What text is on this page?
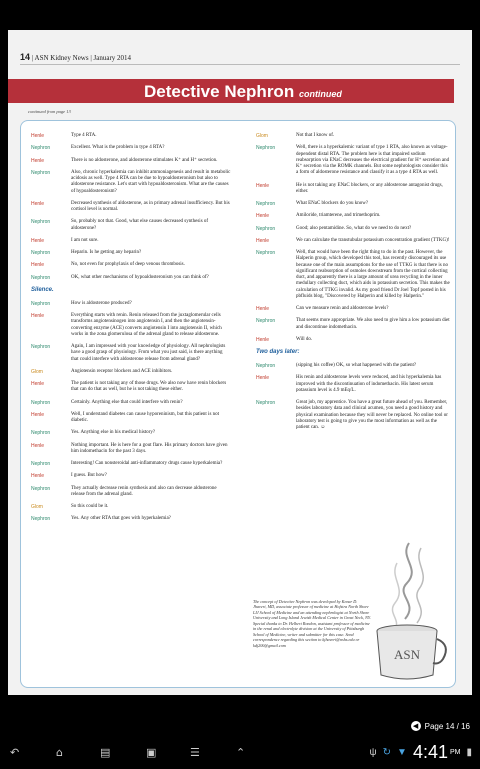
14 | ASN Kidney News | January 2014
Detective Nephron continued
continued from page 13
Henle	Type 4 RTA.
Nephron	Excellent. What is the problem in type 4 RTA?
Henle	There is no aldosterone, and aldosterone stimulates K⁺ and H⁺ secretion.
Nephron	Also, chronic hyperkalemia can inhibit ammoniagenesis and result in metabolic acidosis as well. Type 4 RTA can be due to hypoaldosteronism but also to aldosterone resistance. Let's start with hypoaldosteronism. What are the causes of hypoaldosteronism?
Henle	Decreased synthesis of aldosterone, as in primary adrenal insufficiency. But his cortisol level is normal.
Nephron	So, probably not that. Good, what else causes decreased synthesis of aldosterone?
Henle	I am not sure.
Nephron	Heparin. Is he getting any heparin?
Henle	No, not even for prophylaxis of deep venous thrombosis.
Nephron	OK, what other mechanisms of hypoaldosteronism you can think of?
Silence.
Nephron	How is aldosterone produced?
Henle	Everything starts with renin. Renin released from the juxtaglomerular cells transforms angiotensinogen into angiotensin I, and then the angiotensin-converting enzyme (ACE) converts angiotensin I into angiotensin II, which works in the zona glomerulosa of the adrenal gland to release aldosterone.
Nephron	Again, I am impressed with your knowledge of physiology. All nephrologists have a good grasp of physiology. From what you just said, is there anything that could interfere with aldosterone release from adrenal gland?
Glom	Angiotensin receptor blockers and ACE inhibitors.
Henle	The patient is not taking any of those drugs. We also now have renin blockers that can do that as well, but he is not taking these either.
Nephron	Certainly. Anything else that could interfere with renin?
Henle	Well, I understand diabetes can cause hyporeninism, but this patient is not diabetic.
Nephron	Yes. Anything else in his medical history?
Henle	Nothing important. He is here for a gout flare. His primary doctors have given him indomethacin for the past 3 days.
Nephron	Interesting! Can nonsteroidal anti-inflammatory drugs cause hyperkalemia?
Henle	I guess. But how?
Nephron	They actually decrease renin synthesis and also can decrease aldosterone release from the adrenal gland.
Glom	So this could be it.
Nephron	Yes. Any other RTA that goes with hyperkalemia?
Glom	Not that I know of.
Nephron	Well, there is a hyperkalemic variant of type 1 RTA, also known as voltage-dependent distal RTA. The problem here is that impaired sodium reabsorption via ENaC decreases the electrical gradient for H⁺ secretion and K⁺ secretion via the ROMK channels. But some nephrologists consider this a form of aldosterone resistance and classify it as a type 4 RTA as well.
Henle	He is not taking any ENaC blockers, or any aldosterone antagonist drugs, either.
Nephron	What ENaC blockers do you know?
Henle	Amiloride, triamterene, and trimethoprim.
Nephron	Good; also pentamidine. So, what do we need to do next?
Henle	We can calculate the transtubular potassium concentration gradient (TTKG)!
Nephron	Well, that would have been the right thing to do in the past. However, the Halperin group, which developed this tool, has recently discouraged its use because one of the main assumptions for the use of TTKG is that there is no significant reabsorption of osmoles downstream from the cortical collecting duct, and apparently there is a large amount of urea recycling in the inner medullary collecting duct, which aids in potassium secretion. This makes the calculation of TTKG invalid. As my good friend Dr Joel Topf posted in his pbfluids blog, "Discovered by Halperin and killed by Halperin."
Henle	Can we measure renin and aldosterone levels?
Nephron	That seems more appropriate. We also need to give him a low potassium diet and discontinue indomethacin.
Henle	Will do.
Two days later:
Nephron	(sipping his coffee) OK, so what happened with the patient?
Henle	His renin and aldosterone levels were reduced, and his hyperkalemia has improved with the discontinuation of indomethacin. His latest serum potassium level is 4.9 mEq/L.
Nephron	Great job, my apprentice. You have a great future ahead of you. Remember, besides laboratory data and clinical acumen, you need a good history and physical examination because they will never be replaced. No online tool or laboratory test is going to give you the most information as well as the patient can. ☺
The concept of Detective Nephron was developed by Kenar D. Jhaveri, MD, associate professor of medicine at Hofstra North Shore LIJ School of Medicine and an attending nephrologist at North Shore University and Long Island Jewish Medical Center in Great Neck, NY. Special thanks to Dr. Helbert Rondon, assistant professor of medicine in the renal and electrolyte division at the University of Pittsburgh School of Medicine, writer and submitter for this case. Send correspondence regarding this section to kjhaveri@nshs.edu or kdj200@gmail.com
ASN
◀ Page 14 / 16
↶	⌂	▤	▣	☰	⌃	ψ ↻ ▼ 4:41 PM ▮
